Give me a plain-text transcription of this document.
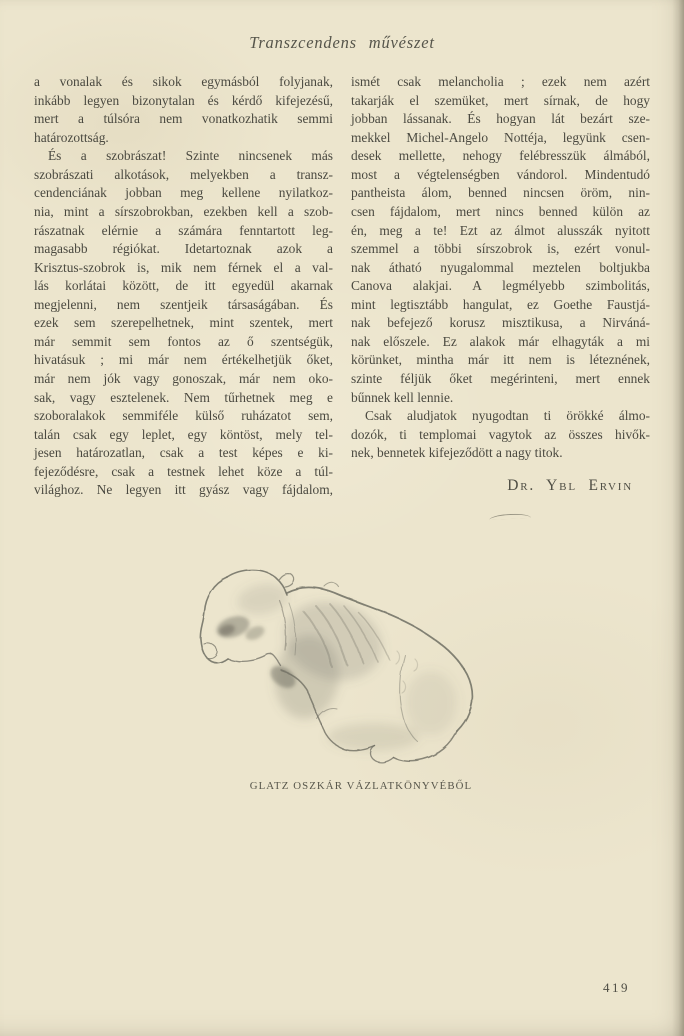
Transzcendens művészet
a vonalak és sikok egymásból folyjanak,
inkább legyen bizonytalan és kérdő kifejezésű,
mert a túlsóra nem vonatkozhatik semmi
határozottság.
És a szobrászat! Szinte nincsenek más
szobrászati alkotások, melyekben a transz-
cendenciának jobban meg kellene nyilatkoz-
nia, mint a sírszobrokban, ezekben kell a szob-
rászatnak elérnie a számára fenntartott leg-
magasabb régiókat. Idetartoznak azok a
Krisztus-szobrok is, mik nem férnek el a val-
lás korlátai között, de itt egyedül akarnak
megjelenni, nem szentjeik társaságában. És
ezek sem szerepelhetnek, mint szentek, mert
már semmit sem fontos az ő szentségük,
hivatásuk ; mi már nem értékelhetjük őket,
már nem jók vagy gonoszak, már nem oko-
sak, vagy esztelenek. Nem tűrhetnek meg e
szoboralakok semmiféle külső ruházatot sem,
talán csak egy leplet, egy köntöst, mely tel-
jesen határozatlan, csak a test képes e ki-
fejeződésre, csak a testnek lehet köze a túl-
világhoz. Ne legyen itt gyász vagy fájdalom,
ismét csak melancholia ; ezek nem azért
takarják el szemüket, mert sírnak, de hogy
jobban lássanak. És hogyan lát bezárt sze-
mekkel Michel-Angelo Nottéja, legyünk csen-
desek mellette, nehogy felébresszük álmából,
most a végtelenségben vándorol. Mindentudó
pantheista álom, benned nincsen öröm, nin-
csen fájdalom, mert nincs benned külön az
én, meg a te! Ezt az álmot alusszák nyitott
szemmel a többi sírszobrok is, ezért vonul-
nak átható nyugalommal meztelen boltjukba
Canova alakjai. A legmélyebb szimbolitás,
mint legtisztább hangulat, ez Goethe Faustjá-
nak befejező korusz misztikusa, a Nirváná-
nak előszele. Ez alakok már elhagyták a mi
körünket, mintha már itt nem is léteznének,
szinte féljük őket megérinteni, mert ennek
bűnnek kell lennie.
Csak aludjatok nyugodtan ti örökké álmo-
dozók, ti templomai vagytok az összes hivők-
nek, bennetek kifejeződött a nagy titok.
Dr. Ybl Ervin
GLATZ OSZKÁR VÁZLATKÖNYVÉBŐL
419
